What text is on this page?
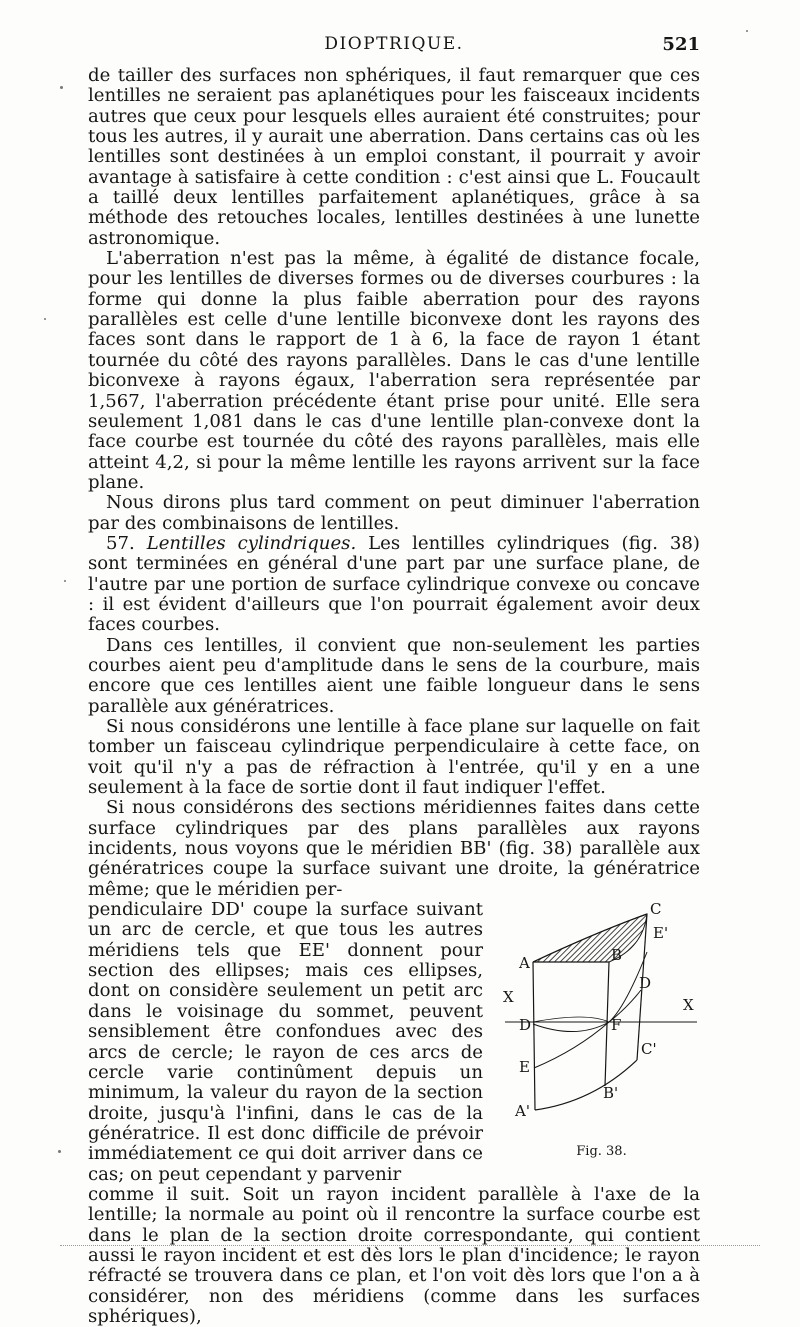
DIOPTRIQUE.	521

de tailler des surfaces non sphériques, il faut remarquer que ces lentilles ne seraient pas aplanétiques pour les faisceaux incidents autres que ceux pour lesquels elles auraient été construites; pour tous les autres, il y aurait une aberration. Dans certains cas où les lentilles sont destinées à un emploi constant, il pourrait y avoir avantage à satisfaire à cette condition : c'est ainsi que L. Foucault a taillé deux lentilles parfaitement aplanétiques, grâce à sa méthode des retouches locales, lentilles destinées à une lunette astronomique.

L'aberration n'est pas la même, à égalité de distance focale, pour les lentilles de diverses formes ou de diverses courbures : la forme qui donne la plus faible aberration pour des rayons parallèles est celle d'une lentille biconvexe dont les rayons des faces sont dans le rapport de 1 à 6, la face de rayon 1 étant tournée du côté des rayons parallèles. Dans le cas d'une lentille biconvexe à rayons égaux, l'aberration sera représentée par 1,567, l'aberration précédente étant prise pour unité. Elle sera seulement 1,081 dans le cas d'une lentille plan-convexe dont la face courbe est tournée du côté des rayons parallèles, mais elle atteint 4,2, si pour la même lentille les rayons arrivent sur la face plane.

Nous dirons plus tard comment on peut diminuer l'aberration par des combinaisons de lentilles.

57. Lentilles cylindriques. Les lentilles cylindriques (fig. 38) sont terminées en général d'une part par une surface plane, de l'autre par une portion de surface cylindrique convexe ou concave : il est évident d'ailleurs que l'on pourrait également avoir deux faces courbes.

Dans ces lentilles, il convient que non-seulement les parties courbes aient peu d'amplitude dans le sens de la courbure, mais encore que ces lentilles aient une faible longueur dans le sens parallèle aux génératrices.

Si nous considérons une lentille à face plane sur laquelle on fait tomber un faisceau cylindrique perpendiculaire à cette face, on voit qu'il n'y a pas de réfraction à l'entrée, qu'il y en a une seulement à la face de sortie dont il faut indiquer l'effet.

Si nous considérons des sections méridiennes faites dans cette surface cylindriques par des plans parallèles aux rayons incidents, nous voyons que le méridien BB' (fig. 38) parallèle aux génératrices coupe la surface suivant une droite, la génératrice même; que le méridien per-

pendiculaire DD' coupe la surface suivant un arc de cercle, et que tous les autres méridiens tels que EE' donnent pour section des ellipses; mais ces ellipses, dont on considère seulement un petit arc dans le voisinage du sommet, peuvent sensiblement être confondues avec des arcs de cercle; le rayon de ces arcs de cercle varie continûment depuis un minimum, la valeur du rayon de la section droite, jusqu'à l'infini, dans le cas de la génératrice. Il est donc difficile de prévoir immédiatement ce qui doit arriver dans ce cas; on peut cependant y parvenir

C
E'
B
A
D
X	X
D	F
C'
E
B'
A'
Fig. 38.

comme il suit. Soit un rayon incident parallèle à l'axe de la lentille; la normale au point où il rencontre la surface courbe est dans le plan de la section droite correspondante, qui contient aussi le rayon incident et est dès lors le plan d'incidence; le rayon réfracté se trouvera dans ce plan, et l'on voit dès lors que l'on a à considérer, non des méridiens (comme dans les surfaces sphériques),
